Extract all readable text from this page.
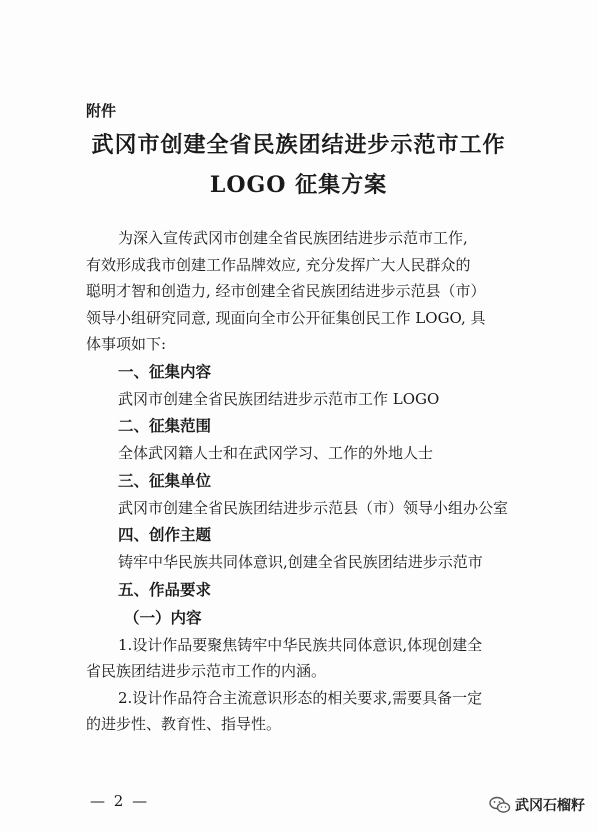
附件
武冈市创建全省民族团结进步示范市工作
LOGO 征集方案

为深入宣传武冈市创建全省民族团结进步示范市工作,

有效形成我市创建工作品牌效应, 充分发挥广大人民群众的

聪明才智和创造力, 经市创建全省民族团结进步示范县（市）

领导小组研究同意, 现面向全市公开征集创民工作 LOGO, 具

体事项如下:

一、征集内容

武冈市创建全省民族团结进步示范市工作 LOGO

二、征集范围

全体武冈籍人士和在武冈学习、工作的外地人士

三、征集单位

武冈市创建全省民族团结进步示范县（市）领导小组办公室

四、创作主题

铸牢中华民族共同体意识,创建全省民族团结进步示范市

五、作品要求

（一）内容

1.设计作品要聚焦铸牢中华民族共同体意识,体现创建全

省民族团结进步示范市工作的内涵。

2.设计作品符合主流意识形态的相关要求,需要具备一定

的进步性、教育性、指导性。

— 2 —	武冈石榴籽
